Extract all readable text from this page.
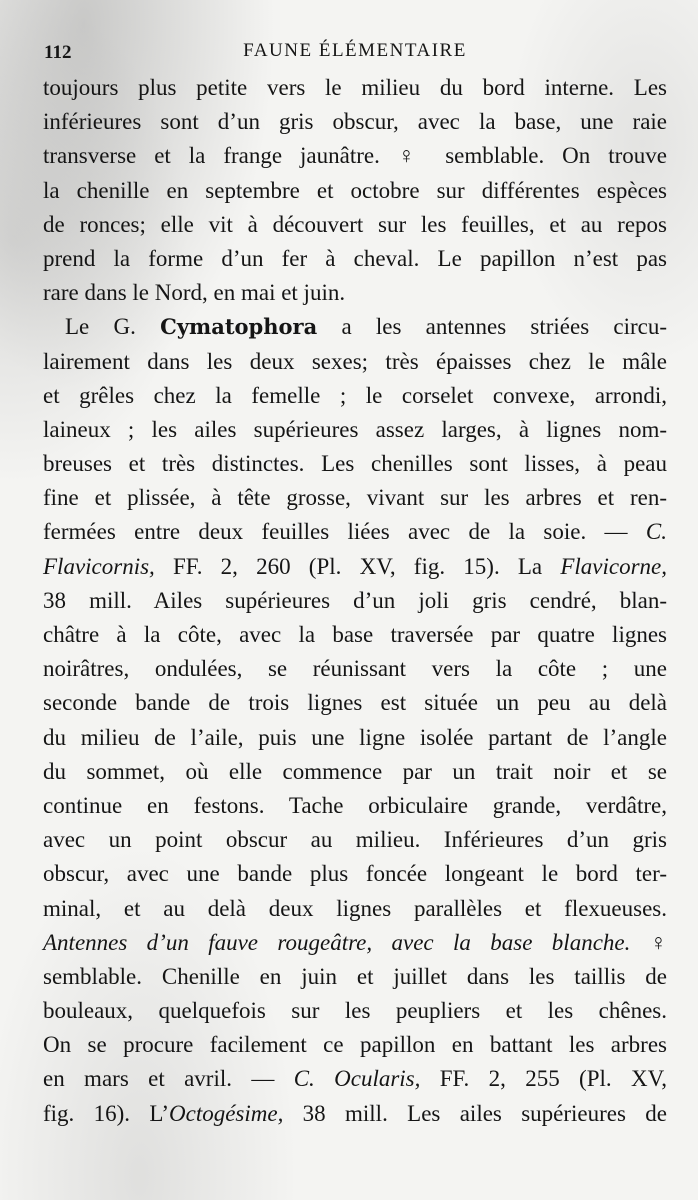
112	FAUNE ÉLÉMENTAIRE
toujours plus petite vers le milieu du bord interne. Les
inférieures sont d’un gris obscur, avec la base, une raie
transverse et la frange jaunâtre. ♀ semblable. On trouve
la chenille en septembre et octobre sur différentes espèces
de ronces; elle vit à découvert sur les feuilles, et au repos
prend la forme d’un fer à cheval. Le papillon n’est pas
rare dans le Nord, en mai et juin.
Le G. Cymatophora a les antennes striées circu-
lairement dans les deux sexes; très épaisses chez le mâle
et grêles chez la femelle ; le corselet convexe, arrondi,
laineux ; les ailes supérieures assez larges, à lignes nom-
breuses et très distinctes. Les chenilles sont lisses, à peau
fine et plissée, à tête grosse, vivant sur les arbres et ren-
fermées entre deux feuilles liées avec de la soie. — C.
Flavicornis, FF. 2, 260 (Pl. XV, fig. 15). La Flavicorne,
38 mill. Ailes supérieures d’un joli gris cendré, blan-
châtre à la côte, avec la base traversée par quatre lignes
noirâtres, ondulées, se réunissant vers la côte ; une
seconde bande de trois lignes est située un peu au delà
du milieu de l’aile, puis une ligne isolée partant de l’angle
du sommet, où elle commence par un trait noir et se
continue en festons. Tache orbiculaire grande, verdâtre,
avec un point obscur au milieu. Inférieures d’un gris
obscur, avec une bande plus foncée longeant le bord ter-
minal, et au delà deux lignes parallèles et flexueuses.
Antennes d’un fauve rougeâtre, avec la base blanche. ♀
semblable. Chenille en juin et juillet dans les taillis de
bouleaux, quelquefois sur les peupliers et les chênes.
On se procure facilement ce papillon en battant les arbres
en mars et avril. — C. Ocularis, FF. 2, 255 (Pl. XV,
fig. 16). L’Octogésime, 38 mill. Les ailes supérieures de
